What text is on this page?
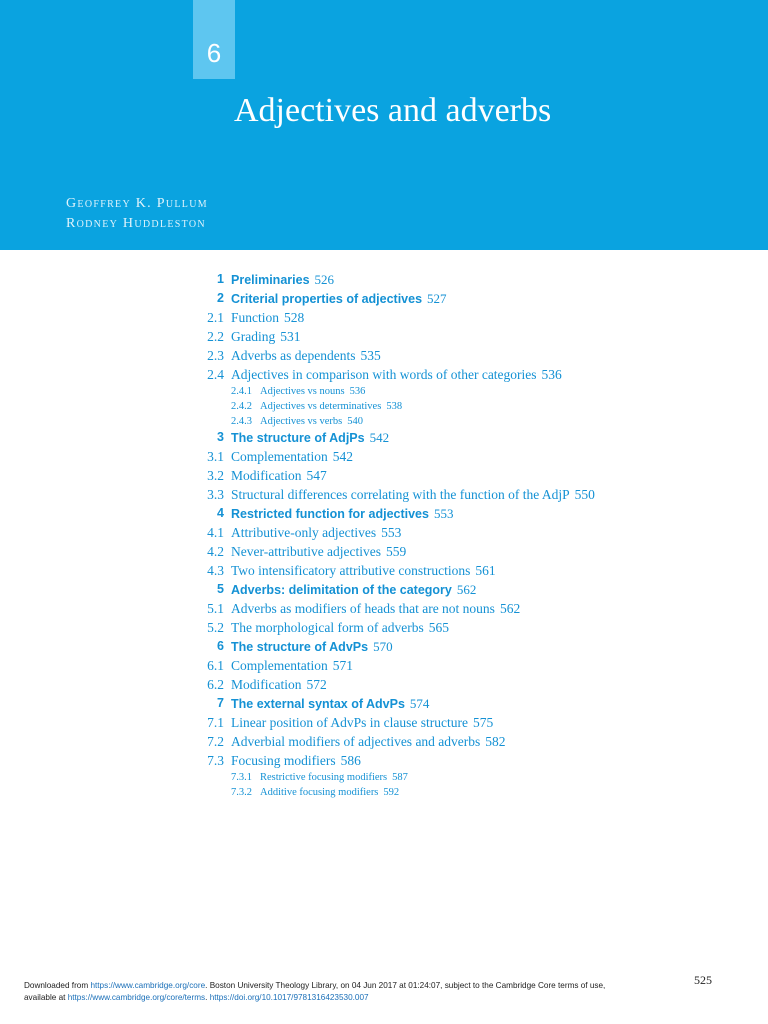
6
Adjectives and adverbs
Geoffrey K. Pullum
Rodney Huddleston
1 Preliminaries 526
2 Criterial properties of adjectives 527
2.1 Function 528
2.2 Grading 531
2.3 Adverbs as dependents 535
2.4 Adjectives in comparison with words of other categories 536
2.4.1 Adjectives vs nouns 536
2.4.2 Adjectives vs determinatives 538
2.4.3 Adjectives vs verbs 540
3 The structure of AdjPs 542
3.1 Complementation 542
3.2 Modification 547
3.3 Structural differences correlating with the function of the AdjP 550
4 Restricted function for adjectives 553
4.1 Attributive-only adjectives 553
4.2 Never-attributive adjectives 559
4.3 Two intensificatory attributive constructions 561
5 Adverbs: delimitation of the category 562
5.1 Adverbs as modifiers of heads that are not nouns 562
5.2 The morphological form of adverbs 565
6 The structure of AdvPs 570
6.1 Complementation 571
6.2 Modification 572
7 The external syntax of AdvPs 574
7.1 Linear position of AdvPs in clause structure 575
7.2 Adverbial modifiers of adjectives and adverbs 582
7.3 Focusing modifiers 586
7.3.1 Restrictive focusing modifiers 587
7.3.2 Additive focusing modifiers 592
525
Downloaded from https://www.cambridge.org/core. Boston University Theology Library, on 04 Jun 2017 at 01:24:07, subject to the Cambridge Core terms of use,
available at https://www.cambridge.org/core/terms. https://doi.org/10.1017/9781316423530.007
